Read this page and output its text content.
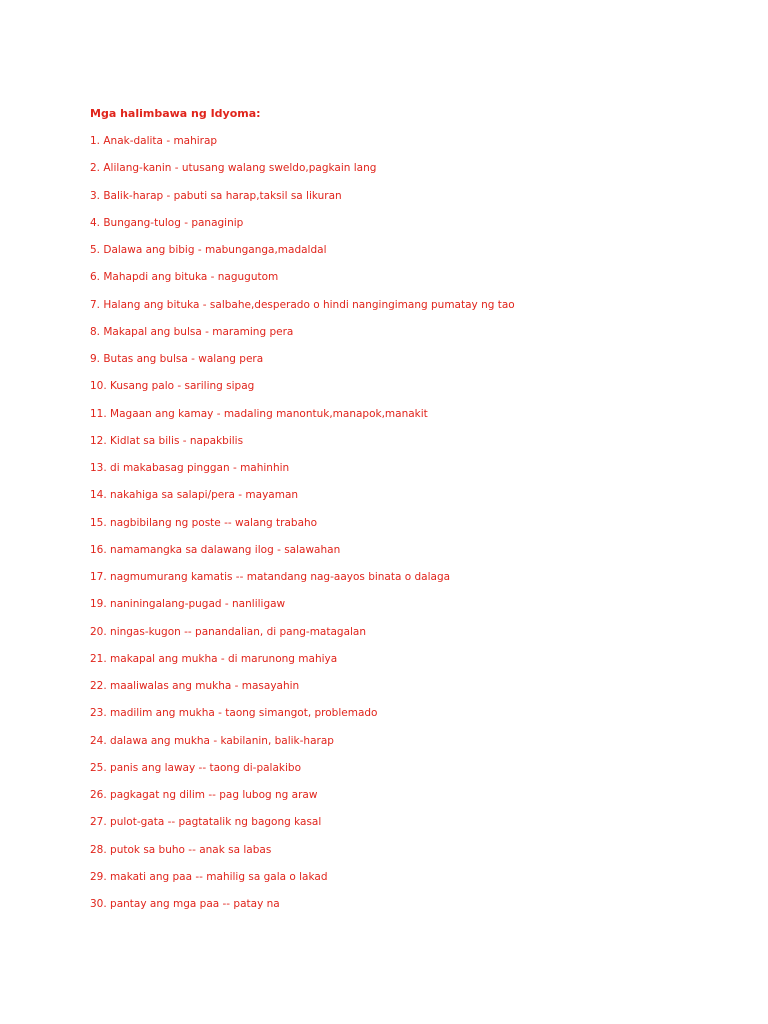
Mga halimbawa ng Idyoma:
1. Anak-dalita - mahirap
2. Alilang-kanin - utusang walang sweldo,pagkain lang
3. Balik-harap - pabuti sa harap,taksil sa likuran
4. Bungang-tulog - panaginip
5. Dalawa ang bibig - mabunganga,madaldal
6. Mahapdi ang bituka - nagugutom
7. Halang ang bituka - salbahe,desperado o hindi nangingimang pumatay ng tao
8. Makapal ang bulsa - maraming pera
9. Butas ang bulsa - walang pera
10. Kusang palo - sariling sipag
11. Magaan ang kamay - madaling manontuk,manapok,manakit
12. Kidlat sa bilis - napakbilis
13. di makabasag pinggan - mahinhin
14. nakahiga sa salapi/pera - mayaman
15. nagbibilang ng poste -- walang trabaho
16. namamangka sa dalawang ilog - salawahan
17. nagmumurang kamatis -- matandang nag-aayos binata o dalaga
19. naniningalang-pugad - nanliligaw
20. ningas-kugon -- panandalian, di pang-matagalan
21. makapal ang mukha - di marunong mahiya
22. maaliwalas ang mukha - masayahin
23. madilim ang mukha - taong simangot, problemado
24. dalawa ang mukha - kabilanin, balik-harap
25. panis ang laway -- taong di-palakibo
26. pagkagat ng dilim -- pag lubog ng araw
27. pulot-gata -- pagtatalik ng bagong kasal
28. putok sa buho -- anak sa labas
29. makati ang paa -- mahilig sa gala o lakad
30. pantay ang mga paa -- patay na
